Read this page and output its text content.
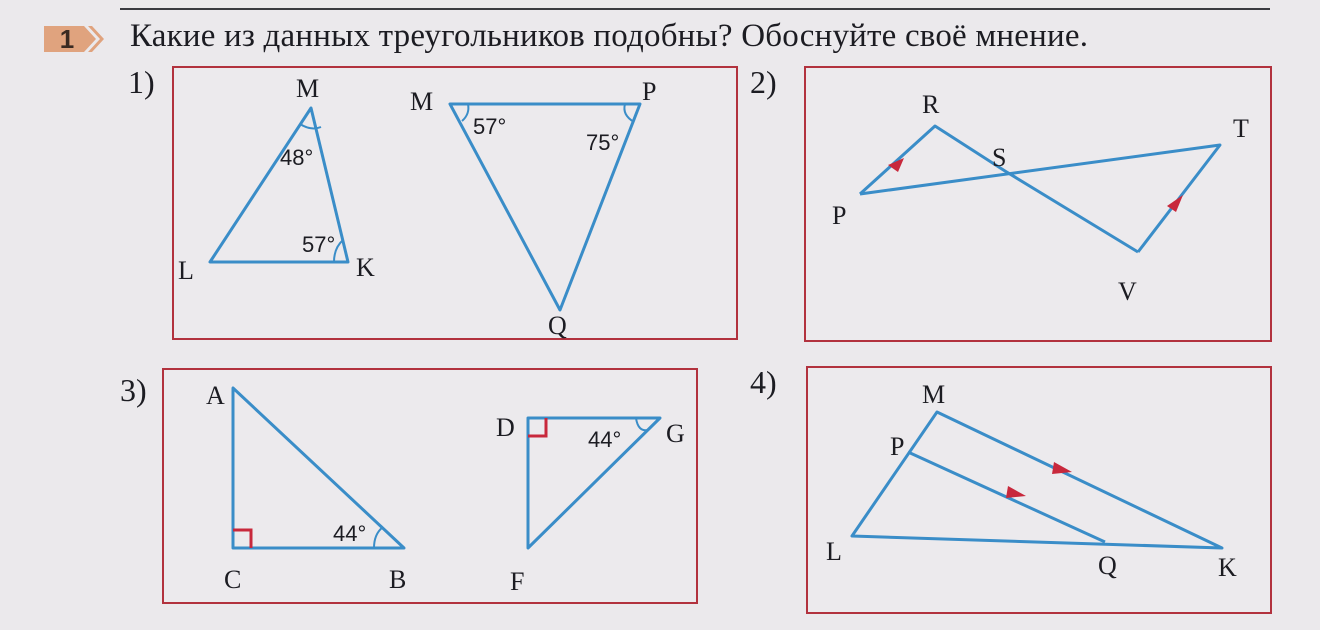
1	Какие из данных треугольников подобны? Обоснуйте своё мнение.
1)	2)
3)	4)
M
L	K
M	P
Q
48°
57°
57°
75°
R
S
T
P
V
A
C	B
D	G
F
44°
44°
M
P
L	Q	K
